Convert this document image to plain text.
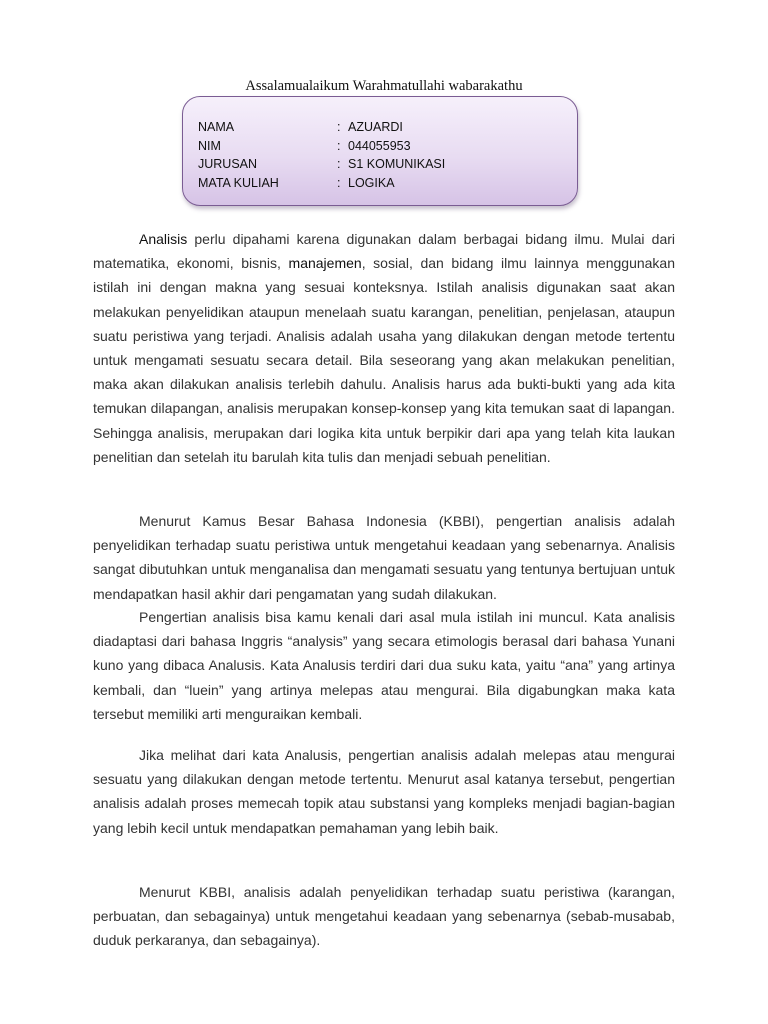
Assalamualaikum Warahmatullahi wabarakathu
NAMA	: AZUARDI
NIM	: 044055953
JURUSAN	: S1 KOMUNIKASI
MATA KULIAH	: LOGIKA

Analisis perlu dipahami karena digunakan dalam berbagai bidang ilmu. Mulai dari matematika, ekonomi, bisnis, manajemen, sosial, dan bidang ilmu lainnya menggunakan istilah ini dengan makna yang sesuai konteksnya. Istilah analisis digunakan saat akan melakukan penyelidikan ataupun menelaah suatu karangan, penelitian, penjelasan, ataupun suatu peristiwa yang terjadi. Analisis adalah usaha yang dilakukan dengan metode tertentu untuk mengamati sesuatu secara detail. Bila seseorang yang akan melakukan penelitian, maka akan dilakukan analisis terlebih dahulu. Analisis harus ada bukti-bukti yang ada kita temukan dilapangan, analisis merupakan konsep-konsep yang kita temukan saat di lapangan. Sehingga analisis, merupakan dari logika kita untuk berpikir dari apa yang telah kita laukan penelitian dan setelah itu barulah kita tulis dan menjadi sebuah penelitian.

Menurut Kamus Besar Bahasa Indonesia (KBBI), pengertian analisis adalah penyelidikan terhadap suatu peristiwa untuk mengetahui keadaan yang sebenarnya. Analisis sangat dibutuhkan untuk menganalisa dan mengamati sesuatu yang tentunya bertujuan untuk mendapatkan hasil akhir dari pengamatan yang sudah dilakukan.

Pengertian analisis bisa kamu kenali dari asal mula istilah ini muncul. Kata analisis diadaptasi dari bahasa Inggris “analysis” yang secara etimologis berasal dari bahasa Yunani kuno yang dibaca Analusis. Kata Analusis terdiri dari dua suku kata, yaitu “ana” yang artinya kembali, dan “luein” yang artinya melepas atau mengurai. Bila digabungkan maka kata tersebut memiliki arti menguraikan kembali.

Jika melihat dari kata Analusis, pengertian analisis adalah melepas atau mengurai sesuatu yang dilakukan dengan metode tertentu. Menurut asal katanya tersebut, pengertian analisis adalah proses memecah topik atau substansi yang kompleks menjadi bagian-bagian yang lebih kecil untuk mendapatkan pemahaman yang lebih baik.

Menurut KBBI, analisis adalah penyelidikan terhadap suatu peristiwa (karangan, perbuatan, dan sebagainya) untuk mengetahui keadaan yang sebenarnya (sebab-musabab, duduk perkaranya, dan sebagainya).
